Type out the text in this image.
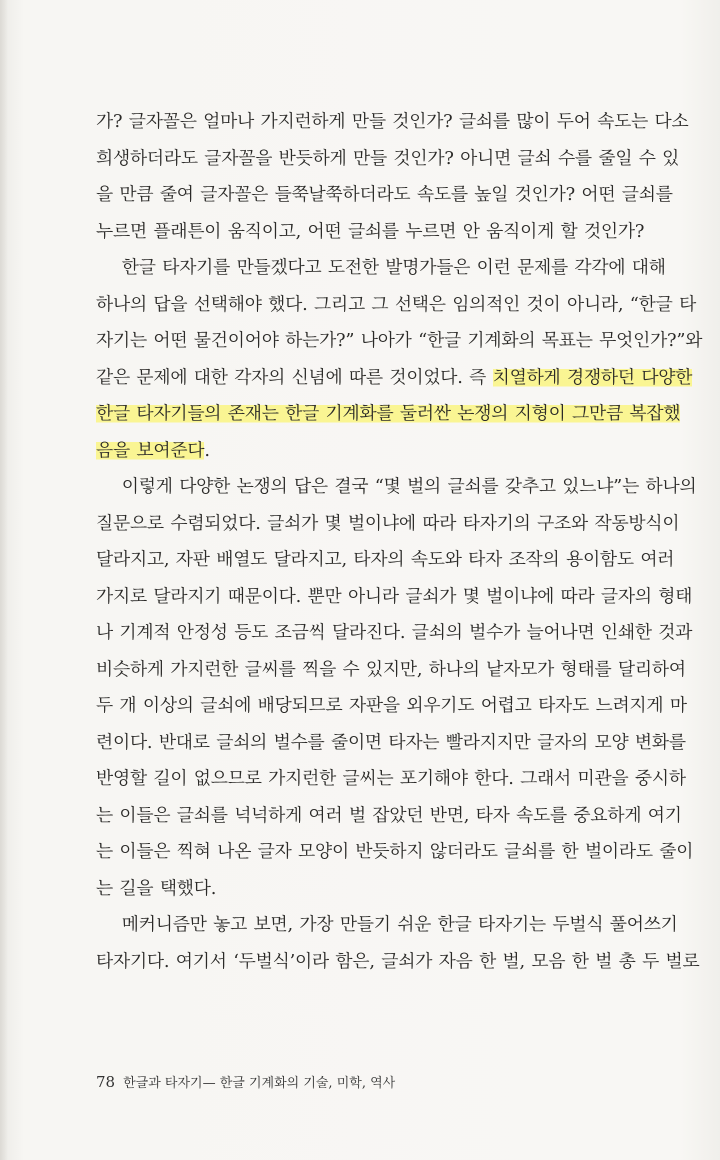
가? 글자꼴은 얼마나 가지런하게 만들 것인가? 글쇠를 많이 두어 속도는 다소
희생하더라도 글자꼴을 반듯하게 만들 것인가? 아니면 글쇠 수를 줄일 수 있
을 만큼 줄여 글자꼴은 들쭉날쭉하더라도 속도를 높일 것인가? 어떤 글쇠를
누르면 플래튼이 움직이고, 어떤 글쇠를 누르면 안 움직이게 할 것인가?
한글 타자기를 만들겠다고 도전한 발명가들은 이런 문제를 각각에 대해
하나의 답을 선택해야 했다. 그리고 그 선택은 임의적인 것이 아니라, “한글 타
자기는 어떤 물건이어야 하는가?” 나아가 “한글 기계화의 목표는 무엇인가?”와
같은 문제에 대한 각자의 신념에 따른 것이었다. 즉 치열하게 경쟁하던 다양한
한글 타자기들의 존재는 한글 기계화를 둘러싼 논쟁의 지형이 그만큼 복잡했
음을 보여준다.
이렇게 다양한 논쟁의 답은 결국 “몇 벌의 글쇠를 갖추고 있느냐”는 하나의
질문으로 수렴되었다. 글쇠가 몇 벌이냐에 따라 타자기의 구조와 작동방식이
달라지고, 자판 배열도 달라지고, 타자의 속도와 타자 조작의 용이함도 여러
가지로 달라지기 때문이다. 뿐만 아니라 글쇠가 몇 벌이냐에 따라 글자의 형태
나 기계적 안정성 등도 조금씩 달라진다. 글쇠의 벌수가 늘어나면 인쇄한 것과
비슷하게 가지런한 글씨를 찍을 수 있지만, 하나의 낱자모가 형태를 달리하여
두 개 이상의 글쇠에 배당되므로 자판을 외우기도 어렵고 타자도 느려지게 마
련이다. 반대로 글쇠의 벌수를 줄이면 타자는 빨라지지만 글자의 모양 변화를
반영할 길이 없으므로 가지런한 글씨는 포기해야 한다. 그래서 미관을 중시하
는 이들은 글쇠를 넉넉하게 여러 벌 잡았던 반면, 타자 속도를 중요하게 여기
는 이들은 찍혀 나온 글자 모양이 반듯하지 않더라도 글쇠를 한 벌이라도 줄이
는 길을 택했다.
메커니즘만 놓고 보면, 가장 만들기 쉬운 한글 타자기는 두벌식 풀어쓰기
타자기다. 여기서 ‘두벌식’이라 함은, 글쇠가 자음 한 벌, 모음 한 벌 총 두 벌로
78 한글과 타자기— 한글 기계화의 기술, 미학, 역사
